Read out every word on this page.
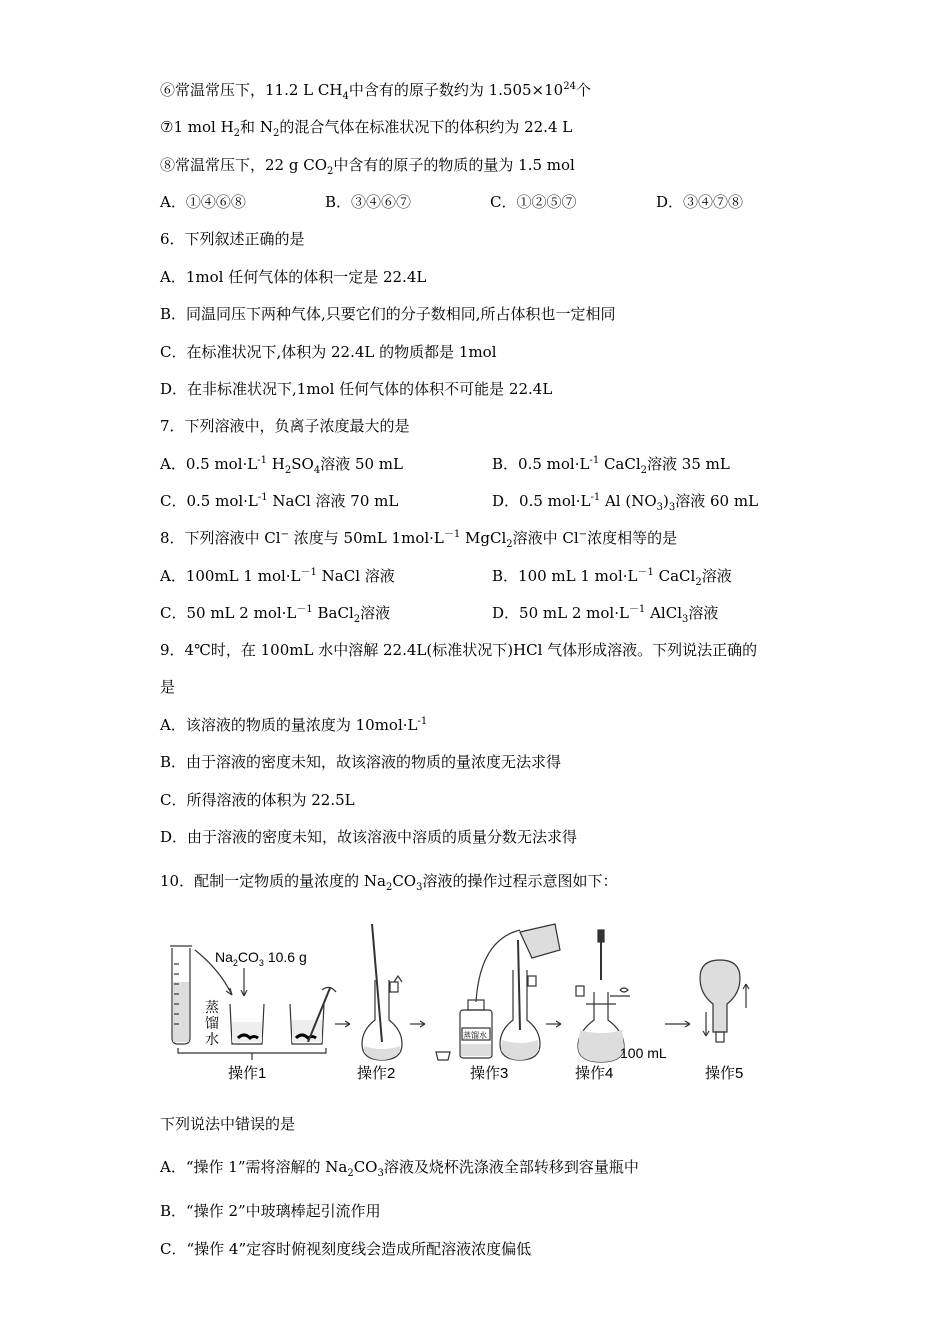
⑥常温常压下，11.2 L $CH_4$中含有的原子数约为 $1.505\times 10^{24}$个
⑦1 mol $H_2$和 $N_2$的混合气体在标准状况下的体积约为 22.4 L
⑧常温常压下，22 g $CO_2$中含有的原子的物质的量为 1.5 mol
A．①④⑥⑧	B．③④⑥⑦	C．①②⑤⑦	D．③④⑦⑧
6．下列叙述正确的是
A．1mol 任何气体的体积一定是 22.4L
B．同温同压下两种气体,只要它们的分子数相同,所占体积也一定相同
C．在标准状况下,体积为 22.4L 的物质都是 1mol
D．在非标准状况下,1mol 任何气体的体积不可能是 22.4L
7．下列溶液中，负离子浓度最大的是
A．0.5 $mol\cdot L^{-1}$ $H_2SO_4$溶液 50 mL	B．0.5 $mol\cdot L^{-1}$ CaCl$_2$溶液 35 mL
C．0.5 $mol\cdot L^{-1}$ NaCl 溶液 70 mL	D．0.5 $mol\cdot L^{-1}$ Al $(NO_3)_3$溶液 60 mL
8．下列溶液中 Cl− 浓度与 50mL $1mol\cdot L^{-1}$ MgCl$_2$溶液中 Cl−浓度相等的是
A．100mL 1 $mol\cdot L^{-1}$ NaCl 溶液	B．100 mL 1 $mol\cdot L^{-1}$ CaCl$_2$溶液
C．50 mL 2 $mol\cdot L^{-1}$ BaCl$_2$溶液	D．50 mL 2 $mol\cdot L^{-1}$ AlCl$_3$溶液
9．4℃时，在 100mL 水中溶解 22.4L(标准状况下)HCl 气体形成溶液。下列说法正确的
是
A．该溶液的物质的量浓度为 $10mol\cdot L^{-1}$
B．由于溶液的密度未知，故该溶液的物质的量浓度无法求得
C．所得溶液的体积为 22.5L
D．由于溶液的密度未知，故该溶液中溶质的质量分数无法求得
10．配制一定物质的量浓度的 $Na_2CO_3$溶液的操作过程示意图如下：
$Na_2CO_3$ 10.6 g
蒸
馏
水
操作1	操作2
蒸馏水
操作3
100 mL
操作4	操作5
下列说法中错误的是
A．“操作 1”需将溶解的 $Na_2CO_3$溶液及烧杯洗涤液全部转移到容量瓶中
B．“操作 2”中玻璃棒起引流作用
C．“操作 4”定容时俯视刻度线会造成所配溶液浓度偏低
